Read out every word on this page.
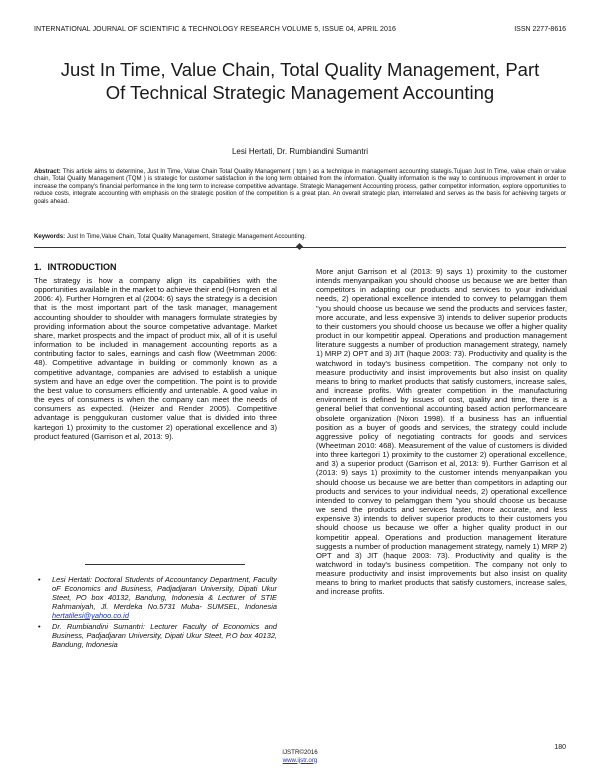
INTERNATIONAL JOURNAL OF SCIENTIFIC & TECHNOLOGY RESEARCH VOLUME 5, ISSUE 04, APRIL 2016	ISSN 2277-8616
Just In Time, Value Chain, Total Quality Management, Part Of Technical Strategic Management Accounting
Lesi Hertati, Dr. Rumbiandini Sumantri
Abstract: This article aims to determine, Just In Time, Value Chain Total Quality Management ( tqm ) as a technique in management accounting stategis.Tujuan Just In Time, value chain or value chain, Total Quality Management (TQM ) is strategic for customer satisfaction in the long term obtained from the information. Quality information is the way to continuous improvement in order to increase the company's financial performance in the long term to increase competitive advantage. Strategic Management Accounting process, gather competitor information, explore opportunities to reduce costs, integrate accounting with emphasis on the strategic position of the competition is a great plan. An overall strategic plan, interrelated and serves as the basis for achieving targets or goals ahead.
Keywords: Just In Time,Value Chain, Total Quality Management, Strategic Management Accounting.
1. INTRODUCTION

The strategy is how a company align its capabilities with the opportunities available in the market to achieve their end (Horngren et al 2006: 4). Further Horngren et al (2004: 6) says the strategy is a decision that is the most important part of the task manager, management accounting shoulder to shoulder with managers formulate strategies by providing information about the source competative advantage. Market share, market prospects and the impact of product mix, all of it is useful information to be included in management accounting reports as a contributing factor to sales, earnings and cash flow (Weetmman 2006: 48). Competitive advantage in building or commonly known as a competitive advantage, companies are advised to establish a unique system and have an edge over the competition. The point is to provide the best value to consumers efficiently and untenable. A good value in the eyes of consumers is when the company can meet the needs of consumers as expected. (Heizer and Render 2005). Competitive advantage is penggukuran customer value that is divided into three kartegori 1) proximity to the customer 2) operational excellence and 3) product featured (Garrison et al, 2013: 9).

• Lesi Hertati: Doctoral Students of Accountancy Department, Faculty oF Economics and Business, Padjadjaran University, Dipati Ukur Steet, PO box 40132, Bandung, Indonesia & Lecturer of STIE Rahmaniyah, Jl. Merdeka No.5731 Muba- SUMSEL, Indonesia hertatilesi@yahoo.co.id
• Dr. Rumbiandini Sumantri: Lecturer Faculty of Economics and Business, Padjadjaran University, Dipati Ukur Steet, P.O box 40132, Bandung, Indonesia

More anjut Garrison et al (2013: 9) says 1) proximity to the customer intends menyanpaikan you should choose us because we are better than competitors in adapting our products and services to your individual needs, 2) operational excellence intended to convey to pelamggan them "you should choose us because we send the products and services faster, more accurate, and less expensive 3) intends to deliver superior products to their customers you should choose us because we offer a higher quality product in our kompetitir appeal. Operations and production management literature suggests a number of production management strategy, namely 1) MRP 2) OPT and 3) JIT (haque 2003: 73). Productivity and quality is the watchword in today's business competition. The company not only to measure productivity and insist improvements but also insist on quality means to bring to market products that satisfy customers, increase sales, and increase profits. With greater competition in the manufacturing environment is defined by issues of cost, quality and time, there is a general belief that conventional accounting based action performanceare obsolete organization (Nixon 1998). If a business has an influential position as a buyer of goods and services, the strategy could include aggressive policy of negotiating contracts for goods and services (Wheetman 2010: 468). Measurement of the value of customers is divided into three kartegori 1) proximity to the customer 2) operational excellence, and 3) a superior product (Garrison et al, 2013: 9). Further Garrison et al (2013: 9) says 1) proximity to the customer intends menyanpaikan you should choose us because we are better than competitors in adapting our products and services to your individual needs, 2) operational excellence intended to convey to pelamggan them "you should choose us because we send the products and services faster, more accurate, and less expensive 3) intends to deliver superior products to their customers you should choose us because we offer a higher quality product in our kompetitir appeal. Operations and production management literature suggests a number of production management strategy, namely 1) MRP 2) OPT and 3) JIT (haque 2003: 73). Productivity and quality is the watchword in today's business competition. The company not only to measure productivity and insist improvements but also insist on quality means to bring to market products that satisfy customers, increase sales, and increase profits.

180
IJSTR©2016
www.ijstr.org
